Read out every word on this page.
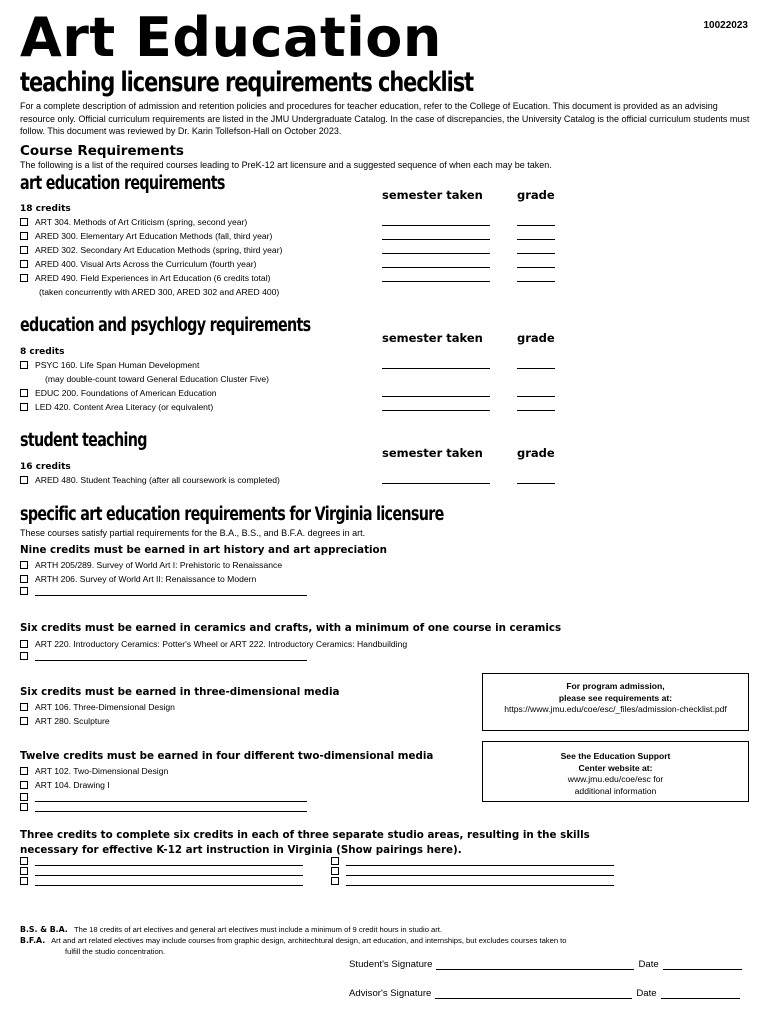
Art Education	10022023
teaching licensure requirements checklist
For a complete description of admission and retention policies and procedures for teacher education, refer to the College of Eucation. This document is provided as an advising resource only. Official curriculum requirements are listed in the JMU Undergraduate Catalog. In the case of discrepancies, the University Catalog is the official curriculum students must follow. This document was reviewed by Dr. Karin Tollefson-Hall on October 2023.
Course Requirements
The following is a list of the required courses leading to PreK-12 art licensure and a suggested sequence of when each may be taken.
art education requirements
semester taken	grade
18 credits
ART 304. Methods of Art Criticism (spring, second year)
ARED 300. Elementary Art Education Methods (fall, third year)
ARED 302. Secondary Art Education Methods (spring, third year)
ARED 400. Visual Arts Across the Curriculum (fourth year)
ARED 490. Field Experiences in Art Education (6 credits total)
(taken concurrently with ARED 300, ARED 302 and ARED 400)
education and psychlogy requirements
semester taken	grade
8 credits
PSYC 160. Life Span Human Development
(may double-count toward General Education Cluster Five)
EDUC 200. Foundations of American Education
LED 420. Content Area Literacy (or equivalent)
student teaching
semester taken	grade
16 credits
ARED 480. Student Teaching (after all coursework is completed)
specific art education requirements for Virginia licensure
These courses satisfy partial requirements for the B.A., B.S., and B.F.A. degrees in art.
Nine credits must be earned in art history and art appreciation
ARTH 205/289. Survey of World Art I: Prehistoric to Renaissance
ARTH 206. Survey of World Art II: Renaissance to Modern
Six credits must be earned in ceramics and crafts, with a minimum of one course in ceramics
ART 220. Introductory Ceramics: Potter's Wheel or ART 222. Introductory Ceramics: Handbuilding
Six credits must be earned in three-dimensional media
ART 106. Three-Dimensional Design
ART 280. Sculpture
For program admission,
please see requirements at:
https://www.jmu.edu/coe/esc/_files/admission-checklist.pdf
Twelve credits must be earned in four different two-dimensional media
ART 102. Two-Dimensional Design
ART 104. Drawing I
See the Education Support
Center website at:
www.jmu.edu/coe/esc for
additional information
Three credits to complete six credits in each of three separate studio areas, resulting in the skills necessary for effective K-12 art instruction in Virginia (Show pairings here).
B.S. & B.A. The 18 credits of art electives and general art electives must include a minimum of 9 credit hours in studio art.
B.F.A. Art and art related electives may include courses from graphic design, architechtural design, art education, and internships, but excludes courses taken to
fulfill the studio concentration.
Student's Signature	Date
Advisor's Signature	Date
